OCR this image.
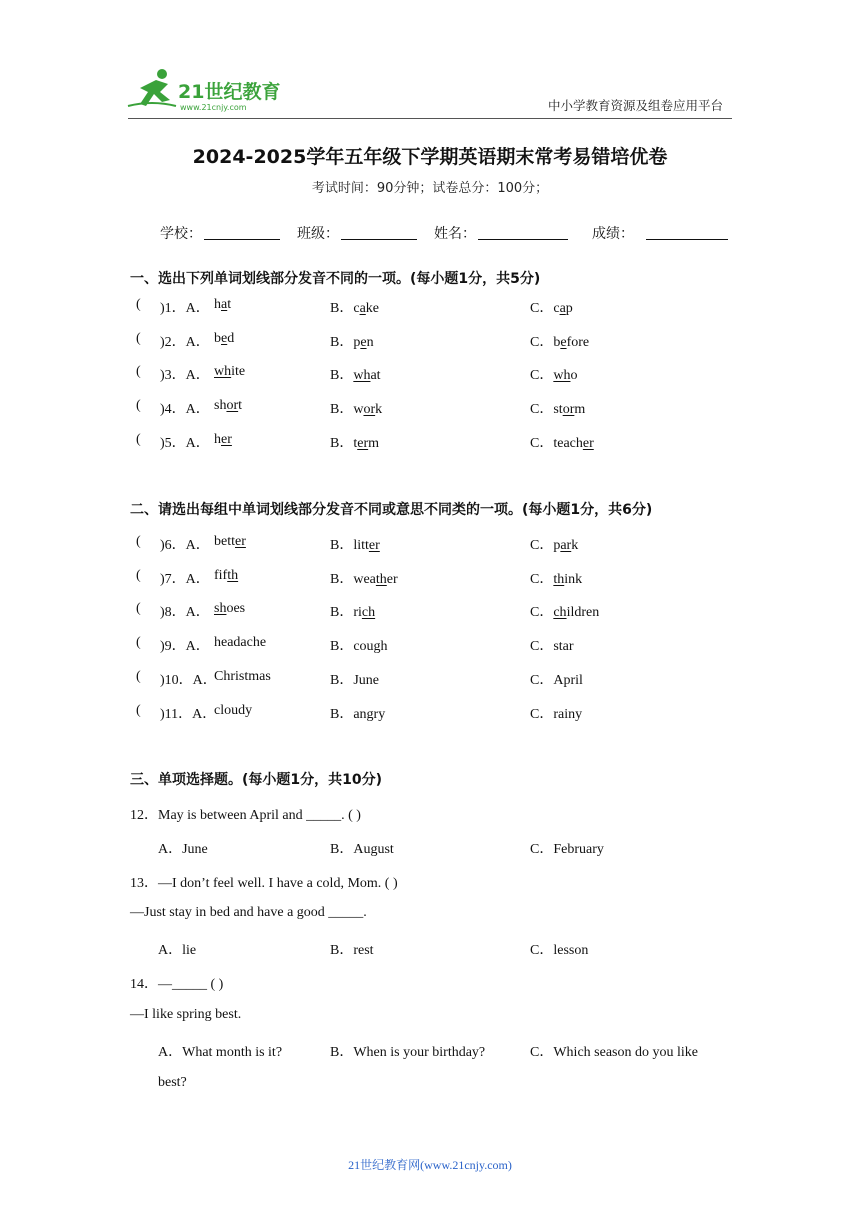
21世纪教育
www.21cnjy.com	中小学教育资源及组卷应用平台
2024-2025学年五年级下学期英语期末常考易错培优卷
考试时间：90分钟；试卷总分：100分；
学校：	班级：	姓名：	成绩：
一、选出下列单词划线部分发音不同的一项。(每小题1分，共5分)
( )1．A． hat	B．cake	C．cap
( )2．A． bed	B．pen	C．before
( )3．A． white	B．what	C．who
( )4．A． short	B．work	C．storm
( )5．A． her	B．term	C．teacher
二、请选出每组中单词划线部分发音不同或意思不同类的一项。(每小题1分，共6分)
( )6．A． better	B．litter	C．park
( )7．A． fifth	B．weather	C．think
( )8．A． shoes	B．rich	C．children
( )9．A． headache	B．cough	C．star
( )10．A．
Christmas	B．June	C．April
( )11．A．
cloudy	B．angry	C．rainy
三、单项选择题。(每小题1分，共10分)
12．May is between April and _____. ( )
A．June	B．August	C．February
13．—I don’t feel well. I have a cold, Mom. ( )
—Just stay in bed and have a good _____.
A．lie	B．rest	C．lesson
14．—_____ ( )
—I like spring best.
A．What month is it?	B．When is your birthday?	C．Which season do you like
best?
21世纪教育网(www.21cnjy.com)
